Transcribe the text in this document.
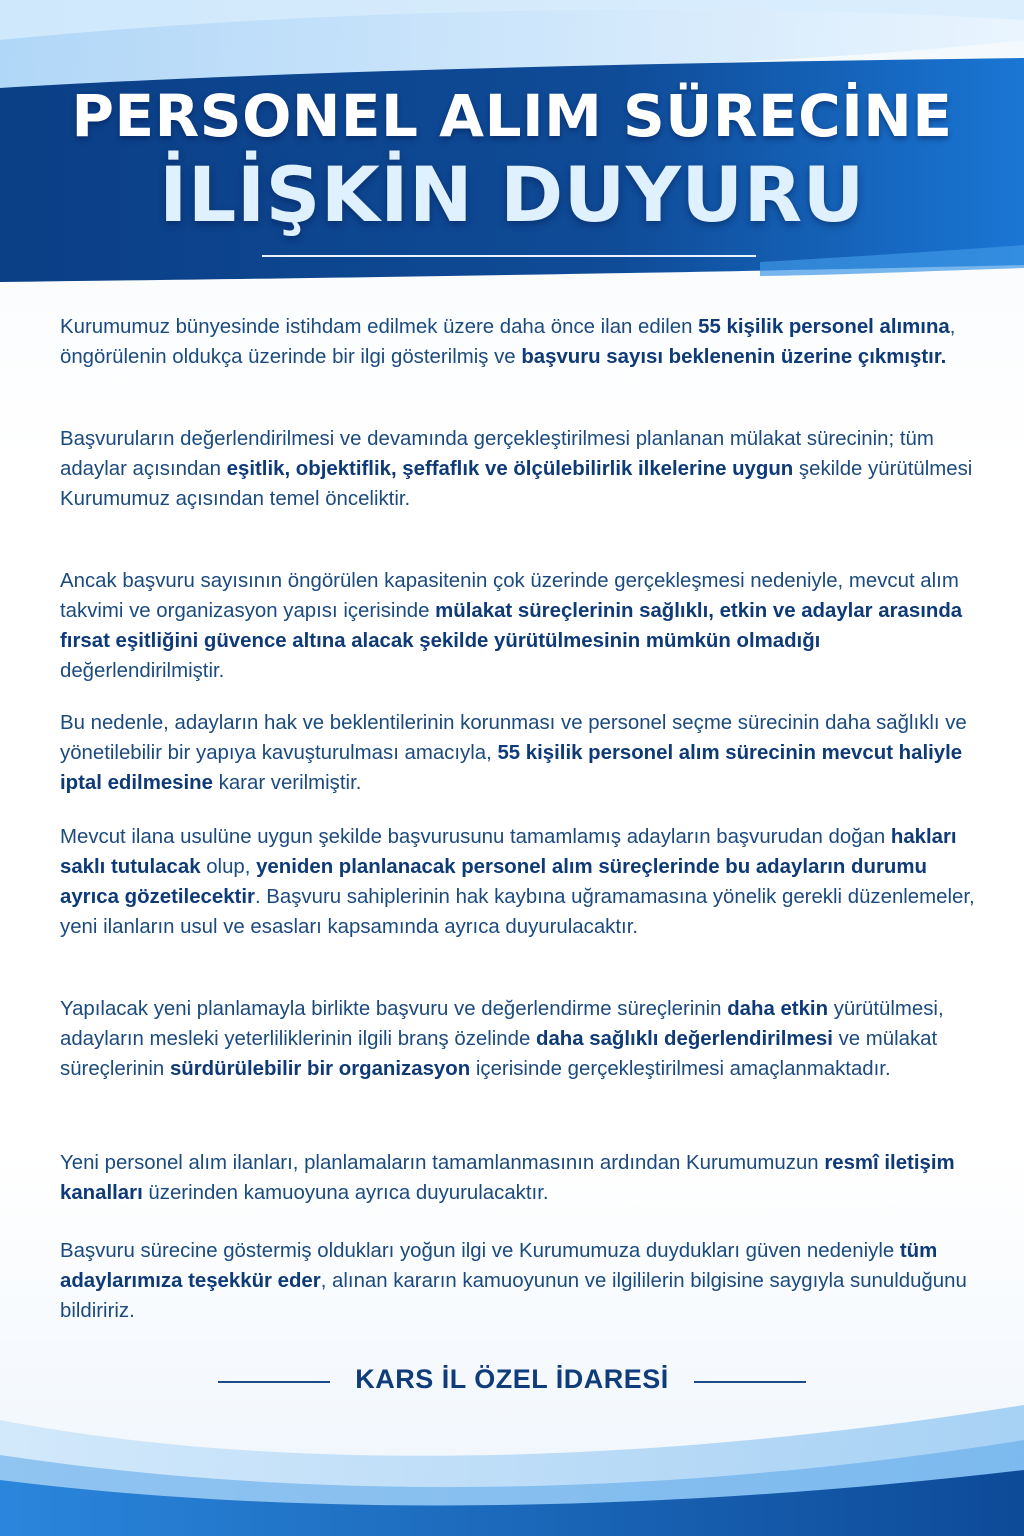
PERSONEL ALIM SÜRECİNE
İLİŞKİN DUYURU

Kurumumuz bünyesinde istihdam edilmek üzere daha önce ilan edilen 55 kişilik personel alımına, öngörülenin oldukça üzerinde bir ilgi gösterilmiş ve başvuru sayısı beklenenin üzerine çıkmıştır.

Başvuruların değerlendirilmesi ve devamında gerçekleştirilmesi planlanan mülakat sürecinin; tüm adaylar açısından eşitlik, objektiflik, şeffaflık ve ölçülebilirlik ilkelerine uygun şekilde yürütülmesi Kurumumuz açısından temel önceliktir.

Ancak başvuru sayısının öngörülen kapasitenin çok üzerinde gerçekleşmesi nedeniyle, mevcut alım takvimi ve organizasyon yapısı içerisinde mülakat süreçlerinin sağlıklı, etkin ve adaylar arasında fırsat eşitliğini güvence altına alacak şekilde yürütülmesinin mümkün olmadığı değerlendirilmiştir.

Bu nedenle, adayların hak ve beklentilerinin korunması ve personel seçme sürecinin daha sağlıklı ve yönetilebilir bir yapıya kavuşturulması amacıyla, 55 kişilik personel alım sürecinin mevcut haliyle iptal edilmesine karar verilmiştir.

Mevcut ilana usulüne uygun şekilde başvurusunu tamamlamış adayların başvurudan doğan hakları saklı tutulacak olup, yeniden planlanacak personel alım süreçlerinde bu adayların durumu ayrıca gözetilecektir. Başvuru sahiplerinin hak kaybına uğramamasına yönelik gerekli düzenlemeler, yeni ilanların usul ve esasları kapsamında ayrıca duyurulacaktır.

Yapılacak yeni planlamayla birlikte başvuru ve değerlendirme süreçlerinin daha etkin yürütülmesi, adayların mesleki yeterliliklerinin ilgili branş özelinde daha sağlıklı değerlendirilmesi ve mülakat süreçlerinin sürdürülebilir bir organizasyon içerisinde gerçekleştirilmesi amaçlanmaktadır.

Yeni personel alım ilanları, planlamaların tamamlanmasının ardından Kurumumuzun resmî iletişim kanalları üzerinden kamuoyuna ayrıca duyurulacaktır.

Başvuru sürecine göstermiş oldukları yoğun ilgi ve Kurumumuza duydukları güven nedeniyle tüm adaylarımıza teşekkür eder, alınan kararın kamuoyunun ve ilgililerin bilgisine saygıyla sunulduğunu bildiririz.

KARS İL ÖZEL İDARESİ
